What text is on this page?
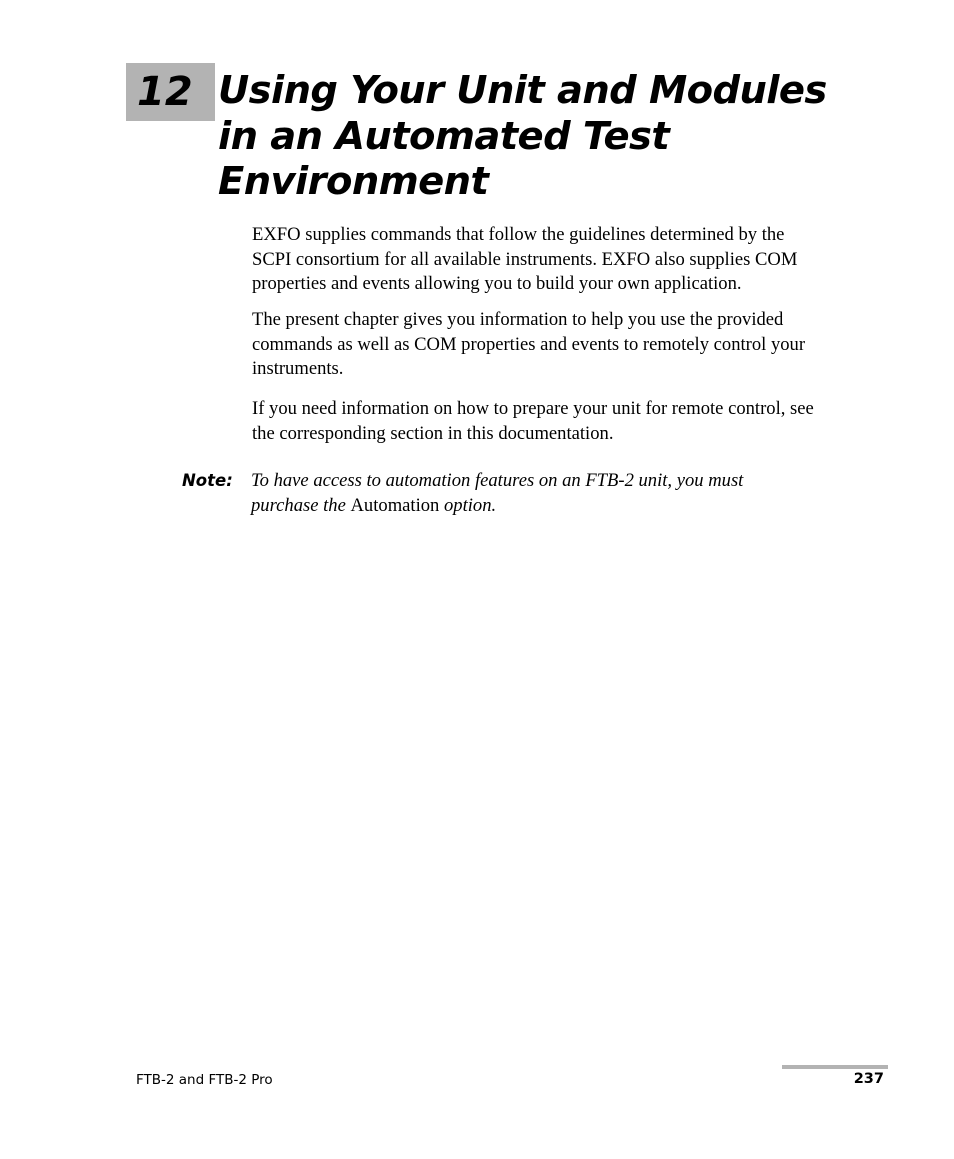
12 Using Your Unit and Modules
in an Automated Test
Environment

EXFO supplies commands that follow the guidelines determined by the
SCPI consortium for all available instruments. EXFO also supplies COM
properties and events allowing you to build your own application.

The present chapter gives you information to help you use the provided
commands as well as COM properties and events to remotely control your
instruments.

If you need information on how to prepare your unit for remote control, see
the corresponding section in this documentation.

Note: To have access to automation features on an FTB-2 unit, you must
purchase the Automation option.

FTB-2 and FTB-2 Pro	237
